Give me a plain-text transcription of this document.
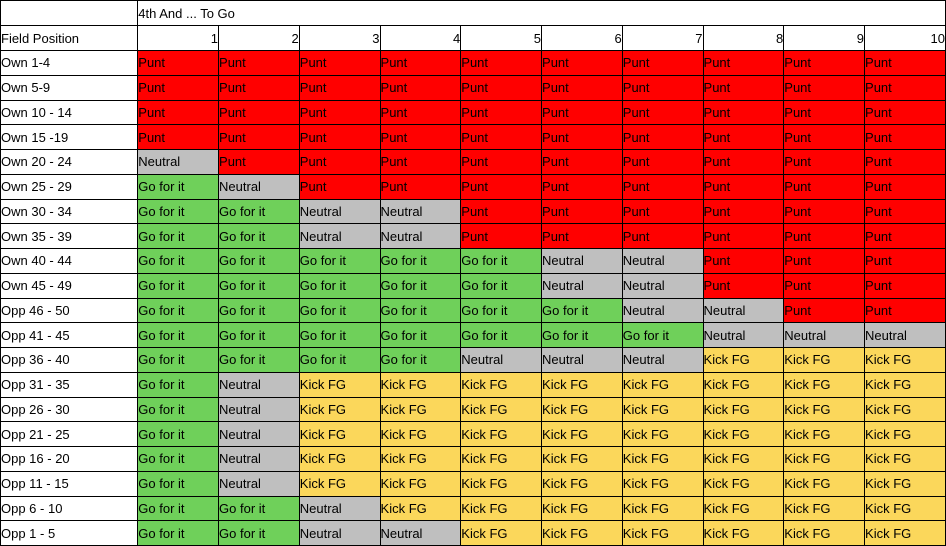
	4th And ... To Go									
Field Position	1	2	3	4	5	6	7	8	9	10
Own 1-4	Punt	Punt	Punt	Punt	Punt	Punt	Punt	Punt	Punt	Punt
Own 5-9	Punt	Punt	Punt	Punt	Punt	Punt	Punt	Punt	Punt	Punt
Own 10 - 14	Punt	Punt	Punt	Punt	Punt	Punt	Punt	Punt	Punt	Punt
Own 15 -19	Punt	Punt	Punt	Punt	Punt	Punt	Punt	Punt	Punt	Punt
Own 20 - 24	Neutral	Punt	Punt	Punt	Punt	Punt	Punt	Punt	Punt	Punt
Own 25 - 29	Go for it	Neutral	Punt	Punt	Punt	Punt	Punt	Punt	Punt	Punt
Own 30 - 34	Go for it	Go for it	Neutral	Neutral	Punt	Punt	Punt	Punt	Punt	Punt
Own 35 - 39	Go for it	Go for it	Neutral	Neutral	Punt	Punt	Punt	Punt	Punt	Punt
Own 40 - 44	Go for it	Go for it	Go for it	Go for it	Go for it	Neutral	Neutral	Punt	Punt	Punt
Own 45 - 49	Go for it	Go for it	Go for it	Go for it	Go for it	Neutral	Neutral	Punt	Punt	Punt
Opp 46 - 50	Go for it	Go for it	Go for it	Go for it	Go for it	Go for it	Neutral	Neutral	Punt	Punt
Opp 41 - 45	Go for it	Go for it	Go for it	Go for it	Go for it	Go for it	Go for it	Neutral	Neutral	Neutral
Opp 36 - 40	Go for it	Go for it	Go for it	Go for it	Neutral	Neutral	Neutral	Kick FG	Kick FG	Kick FG
Opp 31 - 35	Go for it	Neutral	Kick FG	Kick FG	Kick FG	Kick FG	Kick FG	Kick FG	Kick FG	Kick FG
Opp 26 - 30	Go for it	Neutral	Kick FG	Kick FG	Kick FG	Kick FG	Kick FG	Kick FG	Kick FG	Kick FG
Opp 21 - 25	Go for it	Neutral	Kick FG	Kick FG	Kick FG	Kick FG	Kick FG	Kick FG	Kick FG	Kick FG
Opp 16 - 20	Go for it	Neutral	Kick FG	Kick FG	Kick FG	Kick FG	Kick FG	Kick FG	Kick FG	Kick FG
Opp 11 - 15	Go for it	Neutral	Kick FG	Kick FG	Kick FG	Kick FG	Kick FG	Kick FG	Kick FG	Kick FG
Opp 6 - 10	Go for it	Go for it	Neutral	Kick FG	Kick FG	Kick FG	Kick FG	Kick FG	Kick FG	Kick FG
Opp 1 - 5	Go for it	Go for it	Neutral	Neutral	Kick FG	Kick FG	Kick FG	Kick FG	Kick FG	Kick FG
